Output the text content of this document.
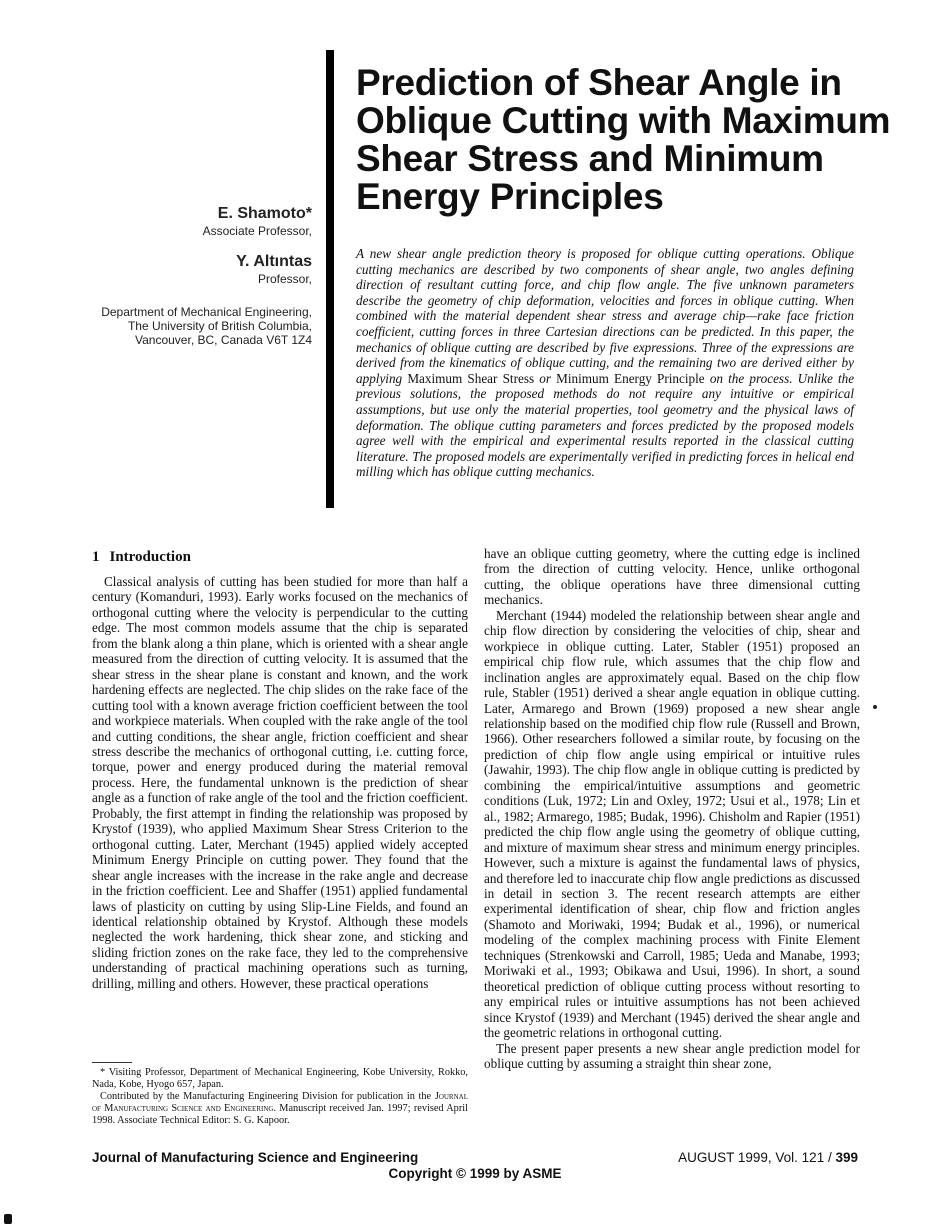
Prediction of Shear Angle in
Oblique Cutting with Maximum
Shear Stress and Minimum
Energy Principles
E. Shamoto*
Associate Professor,
Y. Altıntas
Professor,
Department of Mechanical Engineering,
The University of British Columbia,
Vancouver, BC, Canada V6T 1Z4

A new shear angle prediction theory is proposed for oblique cutting operations. Oblique cutting mechanics are described by two components of shear angle, two angles defining direction of resultant cutting force, and chip flow angle. The five unknown parameters describe the geometry of chip deformation, velocities and forces in oblique cutting. When combined with the material dependent shear stress and average chip—rake face friction coefficient, cutting forces in three Cartesian directions can be predicted. In this paper, the mechanics of oblique cutting are described by five expressions. Three of the expressions are derived from the kinematics of oblique cutting, and the remaining two are derived either by applying Maximum Shear Stress or Minimum Energy Principle on the process. Unlike the previous solutions, the proposed methods do not require any intuitive or empirical assumptions, but use only the material properties, tool geometry and the physical laws of deformation. The oblique cutting parameters and forces predicted by the proposed models agree well with the empirical and experimental results reported in the classical cutting literature. The proposed models are experimentally verified in predicting forces in helical end milling which has oblique cutting mechanics.

1 Introduction

Classical analysis of cutting has been studied for more than half a century (Komanduri, 1993). Early works focused on the mechanics of orthogonal cutting where the velocity is perpendicular to the cutting edge. The most common models assume that the chip is separated from the blank along a thin plane, which is oriented with a shear angle measured from the direction of cutting velocity. It is assumed that the shear stress in the shear plane is constant and known, and the work hardening effects are neglected. The chip slides on the rake face of the cutting tool with a known average friction coefficient between the tool and workpiece materials. When coupled with the rake angle of the tool and cutting conditions, the shear angle, friction coefficient and shear stress describe the mechanics of orthogonal cutting, i.e. cutting force, torque, power and energy produced during the material removal process. Here, the fundamental unknown is the prediction of shear angle as a function of rake angle of the tool and the friction coefficient. Probably, the first attempt in finding the relationship was proposed by Krystof (1939), who applied Maximum Shear Stress Criterion to the orthogonal cutting. Later, Merchant (1945) applied widely accepted Minimum Energy Principle on cutting power. They found that the shear angle increases with the increase in the rake angle and decrease in the friction coefficient. Lee and Shaffer (1951) applied fundamental laws of plasticity on cutting by using Slip-Line Fields, and found an identical relationship obtained by Krystof. Although these models neglected the work hardening, thick shear zone, and sticking and sliding friction zones on the rake face, they led to the comprehensive understanding of practical machining operations such as turning, drilling, milling and others. However, these practical operations

have an oblique cutting geometry, where the cutting edge is inclined from the direction of cutting velocity. Hence, unlike orthogonal cutting, the oblique operations have three dimensional cutting mechanics.

Merchant (1944) modeled the relationship between shear angle and chip flow direction by considering the velocities of chip, shear and workpiece in oblique cutting. Later, Stabler (1951) proposed an empirical chip flow rule, which assumes that the chip flow and inclination angles are approximately equal. Based on the chip flow rule, Stabler (1951) derived a shear angle equation in oblique cutting. Later, Armarego and Brown (1969) proposed a new shear angle relationship based on the modified chip flow rule (Russell and Brown, 1966). Other researchers followed a similar route, by focusing on the prediction of chip flow angle using empirical or intuitive rules (Jawahir, 1993). The chip flow angle in oblique cutting is predicted by combining the empirical/intuitive assumptions and geometric conditions (Luk, 1972; Lin and Oxley, 1972; Usui et al., 1978; Lin et al., 1982; Armarego, 1985; Budak, 1996). Chisholm and Rapier (1951) predicted the chip flow angle using the geometry of oblique cutting, and mixture of maximum shear stress and minimum energy principles. However, such a mixture is against the fundamental laws of physics, and therefore led to inaccurate chip flow angle predictions as discussed in detail in section 3. The recent research attempts are either experimental identification of shear, chip flow and friction angles (Shamoto and Moriwaki, 1994; Budak et al., 1996), or numerical modeling of the complex machining process with Finite Element techniques (Strenkowski and Carroll, 1985; Ueda and Manabe, 1993; Moriwaki et al., 1993; Obikawa and Usui, 1996). In short, a sound theoretical prediction of oblique cutting process without resorting to any empirical rules or intuitive assumptions has not been achieved since Krystof (1939) and Merchant (1945) derived the shear angle and the geometric relations in orthogonal cutting.

The present paper presents a new shear angle prediction model for oblique cutting by assuming a straight thin shear zone,

* Visiting Professor, Department of Mechanical Engineering, Kobe University, Rokko, Nada, Kobe, Hyogo 657, Japan.

Contributed by the Manufacturing Engineering Division for publication in the Journal of Manufacturing Science and Engineering. Manuscript received Jan. 1997; revised April 1998. Associate Technical Editor: S. G. Kapoor.

Journal of Manufacturing Science and Engineering	AUGUST 1999, Vol. 121 / 399
Copyright © 1999 by ASME
